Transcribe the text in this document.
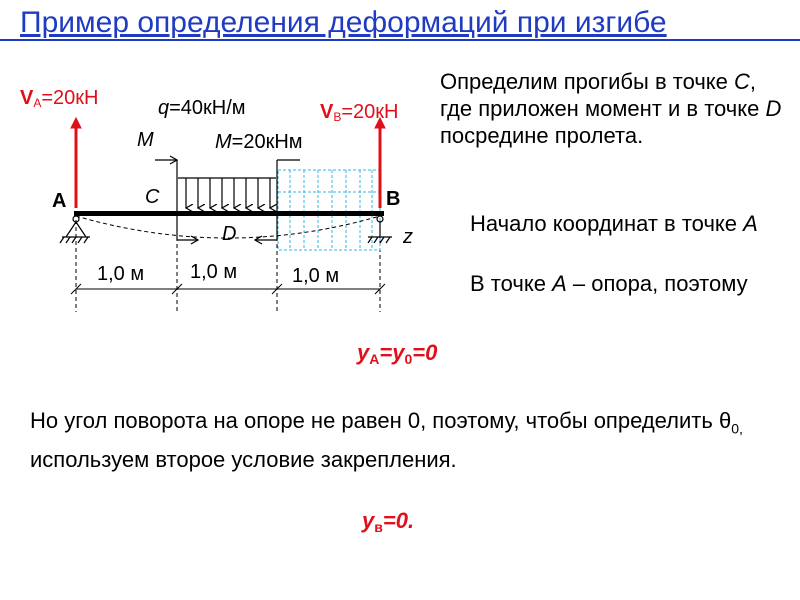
Пример определения деформаций при изгибе
VA=20кН
VB=20кН
q=40кН/м
M	M=20кНм
A	B
C
D	z
1,0 м 1,0 м	1,0 м
Определим прогибы в точке С, где приложен момент и в точке D посредине пролета.
Начало координат в точке А
В точке А – опора, поэтому
$y_A=y_0=0$
Но угол поворота на опоре не равен 0, поэтому, чтобы определить $\theta_{0,}$ используем второе условие закрепления.
$y_в=0$.
